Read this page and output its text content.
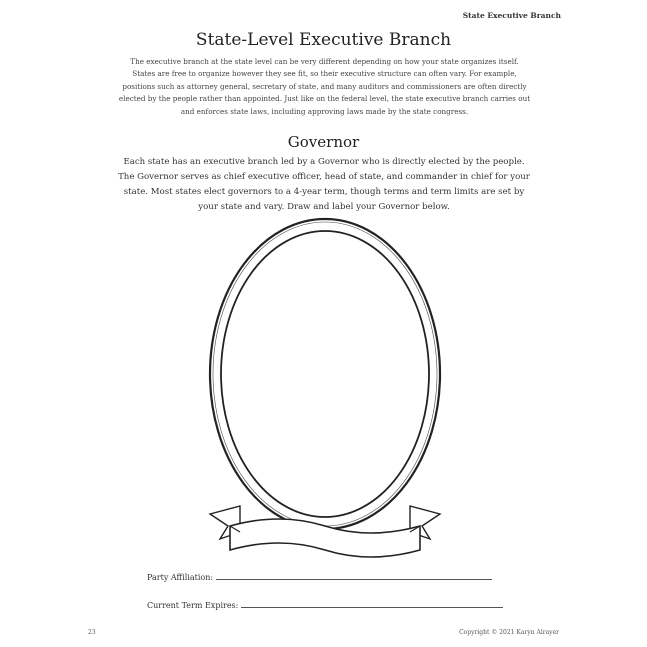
State Executive Branch
State-Level Executive Branch
The executive branch at the state level can be very different depending on how your state organizes itself. States are free to organize however they see fit, so their executive structure can often vary. For example, positions such as attorney general, secretary of state, and many auditors and commissioners are often directly elected by the people rather than appointed. Just like on the federal level, the state executive branch carries out and enforces state laws, including approving laws made by the state congress.
Governor
Each state has an executive branch led by a Governor who is directly elected by the people. The Governor serves as chief executive officer, head of state, and commander in chief for your state. Most states elect governors to a 4-year term, though terms and term limits are set by your state and vary. Draw and label your Governor below.
Party Affiliation:
Current Term Expires:
23	Copyright © 2021 Karyn Alrayer
